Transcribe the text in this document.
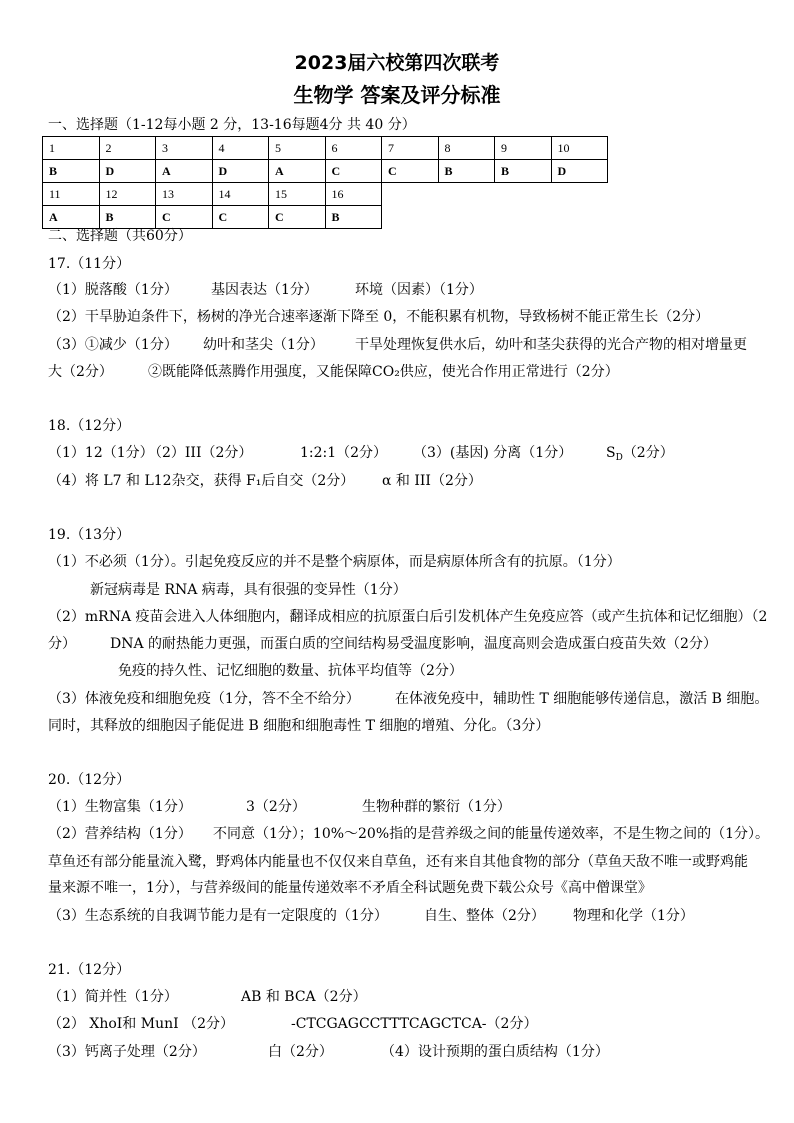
2023届六校第四次联考
生物学 答案及评分标准
一、选择题（1-12每小题 2 分，13-16每题4分 共 40 分）
1	2	3	4	5	6	7	8	9	10
B	D	A	D	A	C	C	B	B	D
11	12	13	14	15	16				
A	B	C	C	C	B				
二、选择题（共60分）
17.（11分）
（1）脱落酸（1分） 基因表达（1分）	环境（因素）（1分）
（2）干旱胁迫条件下，杨树的净光合速率逐渐下降至 0，不能积累有机物，导致杨树不能正常生长（2分）
（3）①减少（1分） 幼叶和茎尖（1分） 干旱处理恢复供水后，幼叶和茎尖获得的光合产物的相对增量更
大（2分）	②既能降低蒸腾作用强度，又能保障CO₂供应，使光合作用正常进行（2分）
18.（12分）
（1）12（1分）
（2）III（2分）	1:2:1（2分） （3）(基因) 分离（1分） $S_D(2$分）
（4）将 L7 和 L12杂交，获得 F₁后自交（2分） α 和 III（2分）
19.（13分）
（1）不必须（1分）。引起免疫反应的并不是整个病原体，而是病原体所含有的抗原。（1分）
新冠病毒是 RNA 病毒，具有很强的变异性（1分）
（2）mRNA 疫苗会进入人体细胞内，翻译成相应的抗原蛋白后引发机体产生免疫应答（或产生抗体和记忆细胞）（2
分） DNA 的耐热能力更强，而蛋白质的空间结构易受温度影响，温度高则会造成蛋白疫苗失效（2分）
免疫的持久性、记忆细胞的数量、抗体平均值等（2分）
（3）体液免疫和细胞免疫（1分，答不全不给分）	在体液免疫中，辅助性 T 细胞能够传递信息，激活 B 细胞。
同时，其释放的细胞因子能促进 B 细胞和细胞毒性 T 细胞的增殖、分化。（3分）
20.（12分）
（1）生物富集（1分）	3（2分）	生物种群的繁衍（1分）
（2）营养结构（1分） 不同意（1分）；10%～20%指的是营养级之间的能量传递效率，不是生物之间的（1分）。
草鱼还有部分能量流入鹭，野鸡体内能量也不仅仅来自草鱼，还有来自其他食物的部分（草鱼天敌不唯一或野鸡能
量来源不唯一，1分），与营养级间的能量传递效率不矛盾全科试题免费下载公众号《高中僧课堂》
（3）生态系统的自我调节能力是有一定限度的（1分）	自生、整体（2分） 物理和化学（1分）
21.（12分）
（1）简并性（1分）	AB 和 BCA（2分）
（2） XhoⅠ和 MunⅠ （2分）	-CTCGAGCCTTTCAGCTCA-（2分）
（3）钙离子处理（2分）	白（2分）	（4）设计预期的蛋白质结构（1分）
